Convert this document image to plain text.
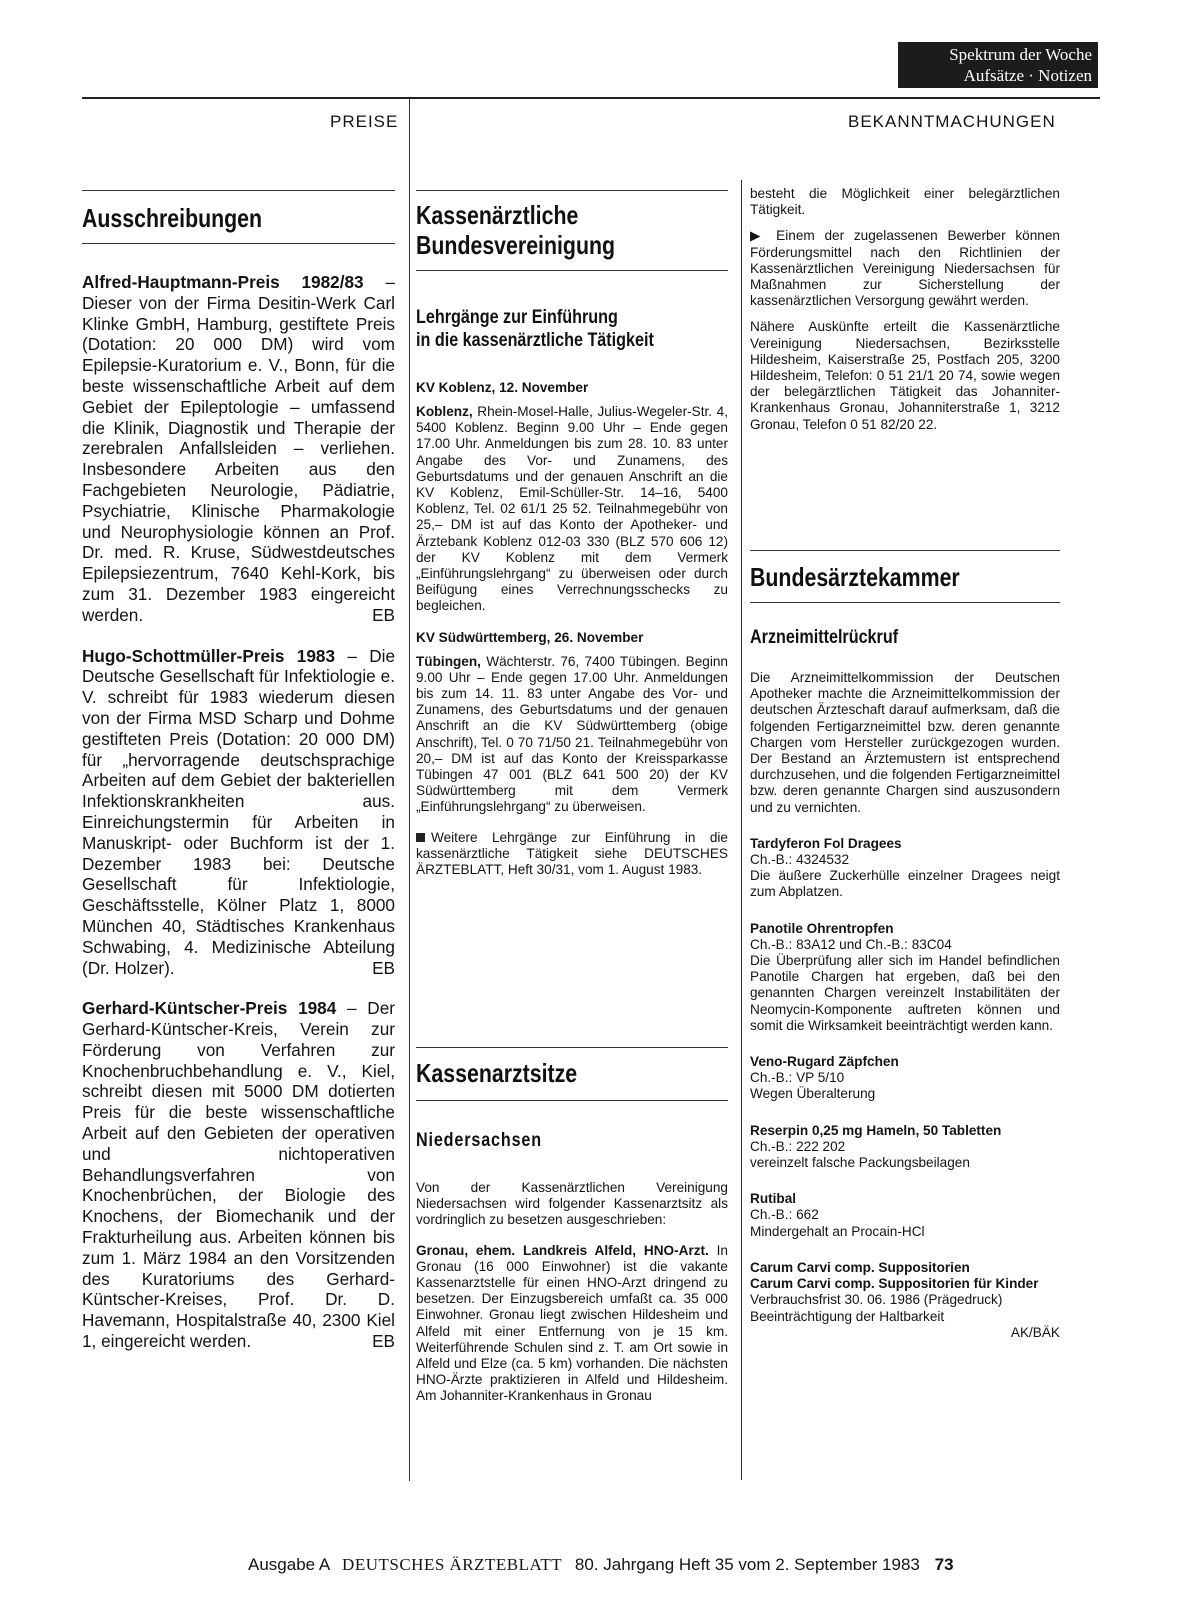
Spektrum der Woche
Aufsätze · Notizen
PREISE	BEKANNTMACHUNGEN
Ausschreibungen
Alfred-Hauptmann-Preis 1982/83 – Dieser von der Firma Desitin-Werk Carl Klinke GmbH, Hamburg, gestiftete Preis (Dotation: 20 000 DM) wird vom Epilepsie-Kuratorium e. V., Bonn, für die beste wissenschaftliche Arbeit auf dem Gebiet der Epileptologie – umfassend die Klinik, Diagnostik und Therapie der zerebralen Anfallsleiden – verliehen. Insbesondere Arbeiten aus den Fachgebieten Neurologie, Pädiatrie, Psychiatrie, Klinische Pharmakologie und Neurophysiologie können an Prof. Dr. med. R. Kruse, Südwestdeutsches Epilepsiezentrum, 7640 Kehl-Kork, bis zum 31. Dezember 1983 eingereicht werden.	EB
Hugo-Schottmüller-Preis 1983 – Die Deutsche Gesellschaft für Infektiologie e. V. schreibt für 1983 wiederum diesen von der Firma MSD Scharp und Dohme gestifteten Preis (Dotation: 20 000 DM) für „hervorragende deutschsprachige Arbeiten auf dem Gebiet der bakteriellen Infektionskrankheiten aus. Einreichungstermin für Arbeiten in Manuskript- oder Buchform ist der 1. Dezember 1983 bei: Deutsche Gesellschaft für Infektiologie, Geschäftsstelle, Kölner Platz 1, 8000 München 40, Städtisches Krankenhaus Schwabing, 4. Medizinische Abteilung (Dr. Holzer).	EB
Gerhard-Küntscher-Preis 1984 – Der Gerhard-Küntscher-Kreis, Verein zur Förderung von Verfahren zur Knochenbruchbehandlung e. V., Kiel, schreibt diesen mit 5000 DM dotierten Preis für die beste wissenschaftliche Arbeit auf den Gebieten der operativen und nichtoperativen Behandlungsverfahren von Knochenbrüchen, der Biologie des Knochens, der Biomechanik und der Frakturheilung aus. Arbeiten können bis zum 1. März 1984 an den Vorsitzenden des Kuratoriums des Gerhard-Küntscher-Kreises, Prof. Dr. D. Havemann, Hospitalstraße 40, 2300 Kiel 1, eingereicht werden.	EB
Kassenärztliche
Bundesvereinigung
Lehrgänge zur Einführung
in die kassenärztliche Tätigkeit
KV Koblenz, 12. November
Koblenz, Rhein-Mosel-Halle, Julius-Wegeler-Str. 4, 5400 Koblenz. Beginn 9.00 Uhr – Ende gegen 17.00 Uhr. Anmeldungen bis zum 28. 10. 83 unter Angabe des Vor- und Zunamens, des Geburtsdatums und der genauen Anschrift an die KV Koblenz, Emil-Schüller-Str. 14–16, 5400 Koblenz, Tel. 02 61/1 25 52. Teilnahmegebühr von 25,– DM ist auf das Konto der Apotheker- und Ärztebank Koblenz 012-03 330 (BLZ 570 606 12) der KV Koblenz mit dem Vermerk „Einführungslehrgang“ zu überweisen oder durch Beifügung eines Verrechnungsschecks zu begleichen.
KV Südwürttemberg, 26. November
Tübingen, Wächterstr. 76, 7400 Tübingen. Beginn 9.00 Uhr – Ende gegen 17.00 Uhr. Anmeldungen bis zum 14. 11. 83 unter Angabe des Vor- und Zunamens, des Geburtsdatums und der genauen Anschrift an die KV Südwürttemberg (obige Anschrift), Tel. 0 70 71/50 21. Teilnahmegebühr von 20,– DM ist auf das Konto der Kreissparkasse Tübingen 47 001 (BLZ 641 500 20) der KV Südwürttemberg mit dem Vermerk „Einführungslehrgang“ zu überweisen.
Weitere Lehrgänge zur Einführung in die kassenärztliche Tätigkeit siehe DEUTSCHES ÄRZTEBLATT, Heft 30/31, vom 1. August 1983.
Kassenarztsitze
Niedersachsen
Von der Kassenärztlichen Vereinigung Niedersachsen wird folgender Kassenarztsitz als vordringlich zu besetzen ausgeschrieben:
Gronau, ehem. Landkreis Alfeld, HNO-Arzt. In Gronau (16 000 Einwohner) ist die vakante Kassenarztstelle für einen HNO-Arzt dringend zu besetzen. Der Einzugsbereich umfaßt ca. 35 000 Einwohner. Gronau liegt zwischen Hildesheim und Alfeld mit einer Entfernung von je 15 km. Weiterführende Schulen sind z. T. am Ort sowie in Alfeld und Elze (ca. 5 km) vorhanden. Die nächsten HNO-Ärzte praktizieren in Alfeld und Hildesheim. Am Johanniter-Krankenhaus in Gronau
besteht die Möglichkeit einer belegärztlichen Tätigkeit.
▶ Einem der zugelassenen Bewerber können Förderungsmittel nach den Richtlinien der Kassenärztlichen Vereinigung Niedersachsen für Maßnahmen zur Sicherstellung der kassenärztlichen Versorgung gewährt werden.
Nähere Auskünfte erteilt die Kassenärztliche Vereinigung Niedersachsen, Bezirksstelle Hildesheim, Kaiserstraße 25, Postfach 205, 3200 Hildesheim, Telefon: 0 51 21/1 20 74, sowie wegen der belegärztlichen Tätigkeit das Johanniter-Krankenhaus Gronau, Johanniterstraße 1, 3212 Gronau, Telefon 0 51 82/20 22.
Bundesärztekammer
Arzneimittelrückruf
Die Arzneimittelkommission der Deutschen Apotheker machte die Arzneimittelkommission der deutschen Ärzteschaft darauf aufmerksam, daß die folgenden Fertigarzneimittel bzw. deren genannte Chargen vom Hersteller zurückgezogen wurden. Der Bestand an Ärztemustern ist entsprechend durchzusehen, und die folgenden Fertigarzneimittel bzw. deren genannte Chargen sind auszusondern und zu vernichten.
Tardyferon Fol Dragees
Ch.-B.: 4324532
Die äußere Zuckerhülle einzelner Dragees neigt zum Abplatzen.
Panotile Ohrentropfen
Ch.-B.: 83A12 und Ch.-B.: 83C04
Die Überprüfung aller sich im Handel befindlichen Panotile Chargen hat ergeben, daß bei den genannten Chargen vereinzelt Instabilitäten der Neomycin-Komponente auftreten können und somit die Wirksamkeit beeinträchtigt werden kann.
Veno-Rugard Zäpfchen
Ch.-B.: VP 5/10
Wegen Überalterung
Reserpin 0,25 mg Hameln, 50 Tabletten
Ch.-B.: 222 202
vereinzelt falsche Packungsbeilagen
Rutibal
Ch.-B.: 662
Mindergehalt an Procain-HCl
Carum Carvi comp. Suppositorien
Carum Carvi comp. Suppositorien für Kinder
Verbrauchsfrist 30. 06. 1986 (Prägedruck)
Beeinträchtigung der Haltbarkeit
AK/BÄK
Ausgabe A DEUTSCHES ÄRZTEBLATT 80. Jahrgang Heft 35 vom 2. September 1983 73
